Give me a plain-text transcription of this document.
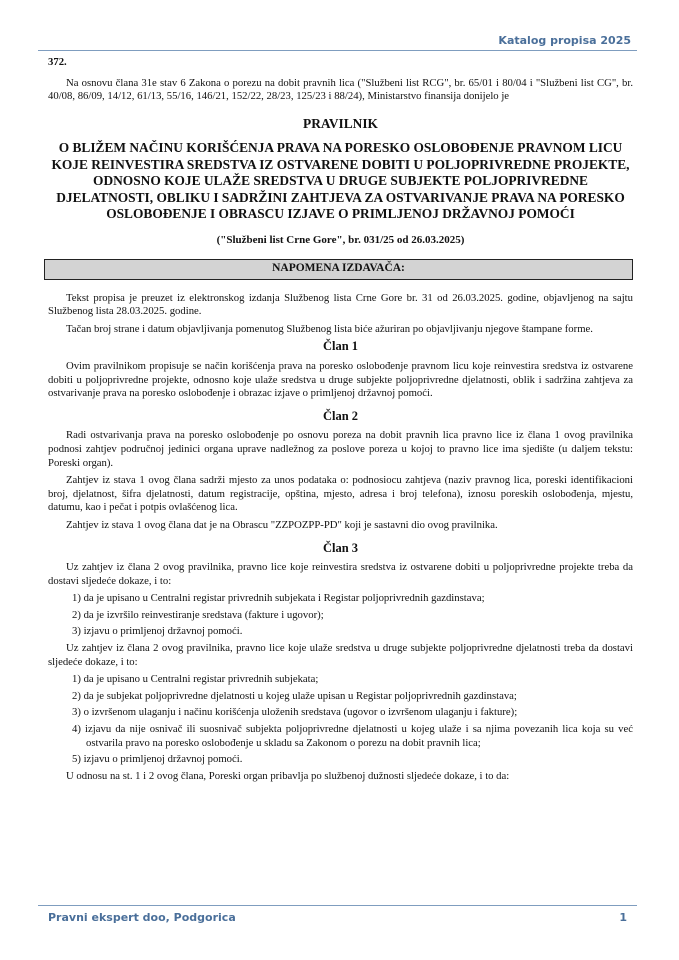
Katalog propisa 2025
372.

Na osnovu člana 31e stav 6 Zakona o porezu na dobit pravnih lica ("Službeni list RCG", br. 65/01 i 80/04 i "Službeni list CG", br. 40/08, 86/09, 14/12, 61/13, 55/16, 146/21, 152/22, 28/23, 125/23 i 88/24), Ministarstvo finansija donijelo je

PRAVILNIK
O BLIŽEM NAČINU KORIŠĆENJA PRAVA NA PORESKO OSLOBOĐENJE PRAVNOM LICU KOJE REINVESTIRA SREDSTVA IZ OSTVARENE DOBITI U POLJOPRIVREDNE PROJEKTE, ODNOSNO KOJE ULAŽE SREDSTVA U DRUGE SUBJEKTE POLJOPRIVREDNE DJELATNOSTI, OBLIKU I SADRŽINI ZAHTJEVA ZA OSTVARIVANJE PRAVA NA PORESKO OSLOBOĐENJE I OBRASCU IZJAVE O PRIMLJENOJ DRŽAVNOJ POMOĆI
("Službeni list Crne Gore", br. 031/25 od 26.03.2025)
NAPOMENA IZDAVAČA:

Tekst propisa je preuzet iz elektronskog izdanja Službenog lista Crne Gore br. 31 od 26.03.2025. godine, objavljenog na sajtu Službenog lista 28.03.2025. godine.

Tačan broj strane i datum objavljivanja pomenutog Službenog lista biće ažuriran po objavljivanju njegove štampane forme.

Član 1

Ovim pravilnikom propisuje se način korišćenja prava na poresko oslobođenje pravnom licu koje reinvestira sredstva iz ostvarene dobiti u poljoprivredne projekte, odnosno koje ulaže sredstva u druge subjekte poljoprivredne djelatnosti, oblik i sadržina zahtjeva za ostvarivanje prava na poresko oslobođenje i obrazac izjave o primljenoj državnoj pomoći.

Član 2

Radi ostvarivanja prava na poresko oslobođenje po osnovu poreza na dobit pravnih lica pravno lice iz člana 1 ovog pravilnika podnosi zahtjev područnoj jedinici organa uprave nadležnog za poslove poreza u kojoj to pravno lice ima sjedište (u daljem tekstu: Poreski organ).

Zahtjev iz stava 1 ovog člana sadrži mjesto za unos podataka o: podnosiocu zahtjeva (naziv pravnog lica, poreski identifikacioni broj, djelatnost, šifra djelatnosti, datum registracije, opština, mjesto, adresa i broj telefona), iznosu poreskih oslobođenja, mjestu, datumu, kao i pečat i potpis ovlašćenog lica.

Zahtjev iz stava 1 ovog člana dat je na Obrascu "ZZPOZPP-PD" koji je sastavni dio ovog pravilnika.

Član 3

Uz zahtjev iz člana 2 ovog pravilnika, pravno lice koje reinvestira sredstva iz ostvarene dobiti u poljoprivredne projekte treba da dostavi sljedeće dokaze, i to:

1) da je upisano u Centralni registar privrednih subjekata i Registar poljoprivrednih gazdinstava;
2) da je izvršilo reinvestiranje sredstava (fakture i ugovor);
3) izjavu o primljenoj državnoj pomoći.

Uz zahtjev iz člana 2 ovog pravilnika, pravno lice koje ulaže sredstva u druge subjekte poljoprivredne djelatnosti treba da dostavi sljedeće dokaze, i to:

1) da je upisano u Centralni registar privrednih subjekata;
2) da je subjekat poljoprivredne djelatnosti u kojeg ulaže upisan u Registar poljoprivrednih gazdinstava;
3) o izvršenom ulaganju i načinu korišćenja uloženih sredstava (ugovor o izvršenom ulaganju i fakture);
4) izjavu da nije osnivač ili suosnivač subjekta poljoprivredne djelatnosti u kojeg ulaže i sa njima povezanih lica koja su već ostvarila pravo na poresko oslobođenje u skladu sa Zakonom o porezu na dobit pravnih lica;
5) izjavu o primljenoj državnoj pomoći.

U odnosu na st. 1 i 2 ovog člana, Poreski organ pribavlja po službenoj dužnosti sljedeće dokaze, i to da:

Pravni ekspert doo, Podgorica	1
